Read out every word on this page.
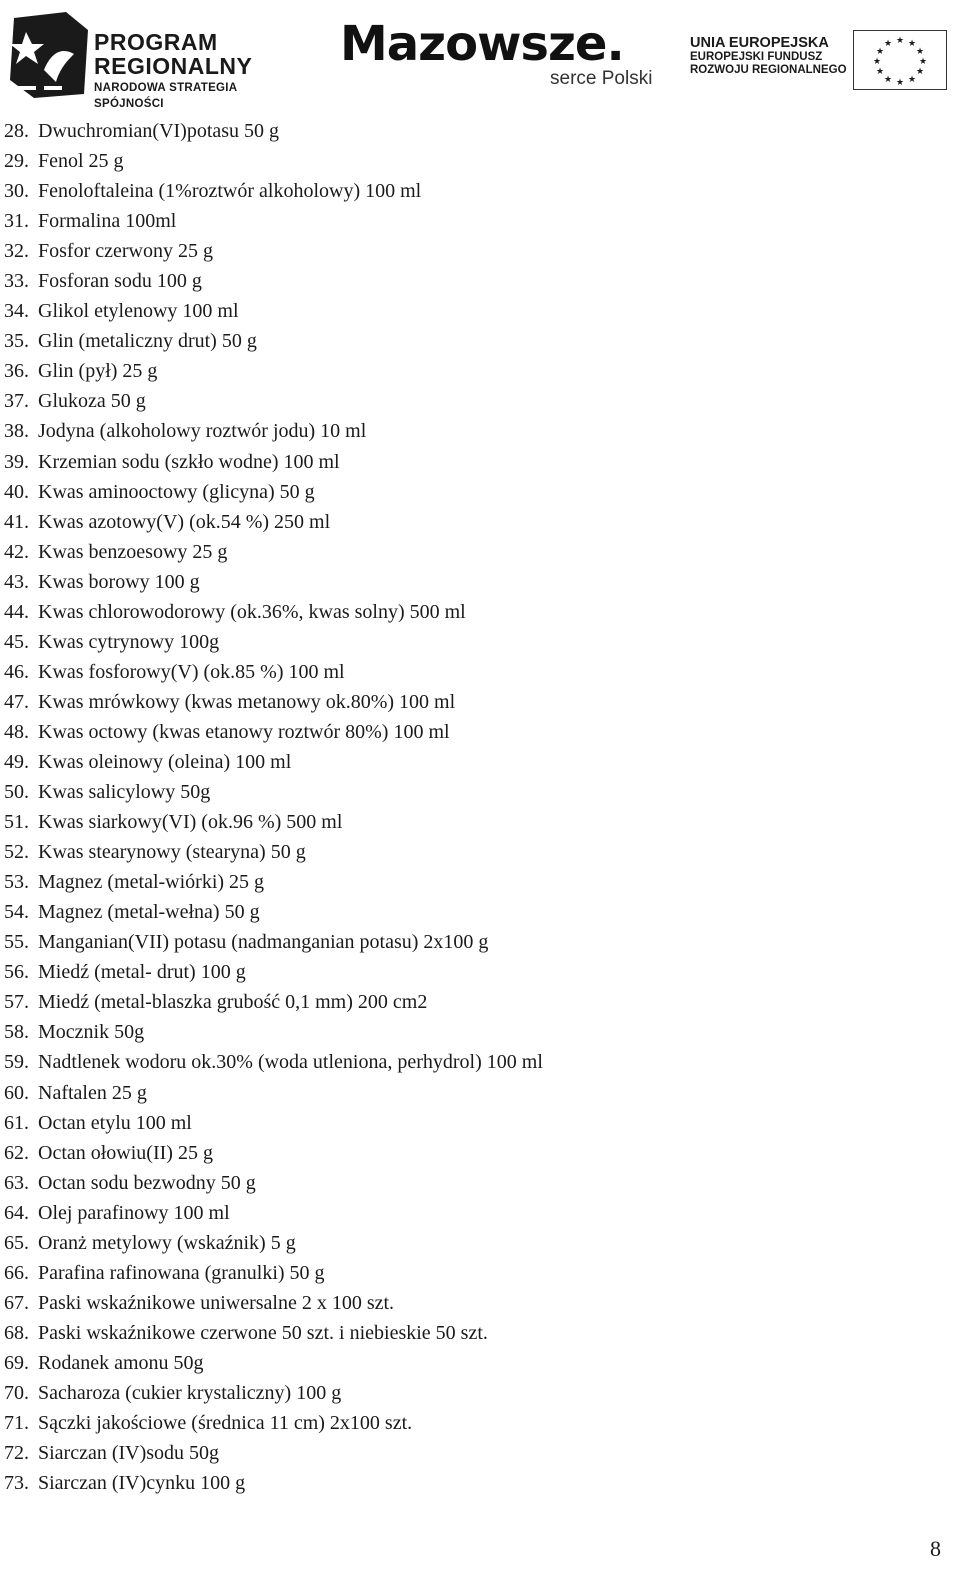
PROGRAM
REGIONALNY
NARODOWA STRATEGIA SPÓJNOŚCI
Mazowsze.
serce Polski
UNIA EUROPEJSKA
EUROPEJSKI FUNDUSZ
ROZWOJU REGIONALNEGO
★ ★
★
★
★
★
★
★
★
★
★
★
28. Dwuchromian(VI)potasu 50 g
29. Fenol 25 g
30. Fenoloftaleina (1%roztwór alkoholowy) 100 ml
31. Formalina 100ml
32. Fosfor czerwony 25 g
33. Fosforan sodu 100 g
34. Glikol etylenowy 100 ml
35. Glin (metaliczny drut) 50 g
36. Glin (pył) 25 g
37. Glukoza 50 g
38. Jodyna (alkoholowy roztwór jodu) 10 ml
39. Krzemian sodu (szkło wodne) 100 ml
40. Kwas aminooctowy (glicyna) 50 g
41. Kwas azotowy(V) (ok.54 %) 250 ml
42. Kwas benzoesowy 25 g
43. Kwas borowy 100 g
44. Kwas chlorowodorowy (ok.36%, kwas solny) 500 ml
45. Kwas cytrynowy 100g
46. Kwas fosforowy(V) (ok.85 %) 100 ml
47. Kwas mrówkowy (kwas metanowy ok.80%) 100 ml
48. Kwas octowy (kwas etanowy roztwór 80%) 100 ml
49. Kwas oleinowy (oleina) 100 ml
50. Kwas salicylowy 50g
51. Kwas siarkowy(VI) (ok.96 %) 500 ml
52. Kwas stearynowy (stearyna) 50 g
53. Magnez (metal-wiórki) 25 g
54. Magnez (metal-wełna) 50 g
55. Manganian(VII) potasu (nadmanganian potasu) 2x100 g
56. Miedź (metal- drut) 100 g
57. Miedź (metal-blaszka grubość 0,1 mm) 200 cm2
58. Mocznik 50g
59. Nadtlenek wodoru ok.30% (woda utleniona, perhydrol) 100 ml
60. Naftalen 25 g
61. Octan etylu 100 ml
62. Octan ołowiu(II) 25 g
63. Octan sodu bezwodny 50 g
64. Olej parafinowy 100 ml
65. Oranż metylowy (wskaźnik) 5 g
66. Parafina rafinowana (granulki) 50 g
67. Paski wskaźnikowe uniwersalne 2 x 100 szt.
68. Paski wskaźnikowe czerwone 50 szt. i niebieskie 50 szt.
69. Rodanek amonu 50g
70. Sacharoza (cukier krystaliczny) 100 g
71. Sączki jakościowe (średnica 11 cm) 2x100 szt.
72. Siarczan (IV)sodu 50g
73. Siarczan (IV)cynku 100 g
8
